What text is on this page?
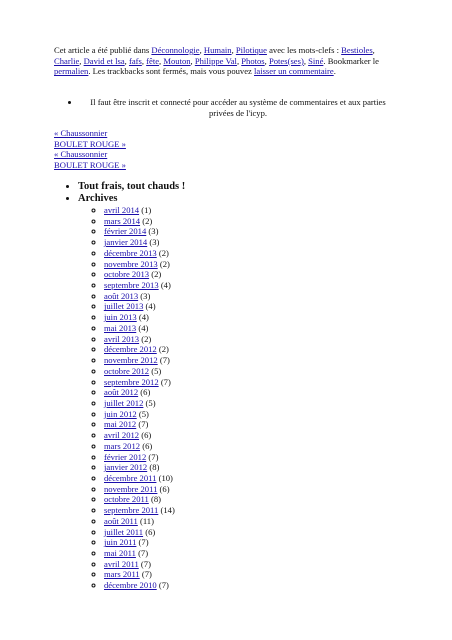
Cet article a été publié dans Déconnologie, Humain, Pilotique avec les mots-clefs : Bestioles, Charlie, David et lsa, fafs, fête, Mouton, Philippe Val, Photos, Potes(ses), Siné. Bookmarker le permalien. Les trackbacks sont fermés, mais vous pouvez laisser un commentaire.
• Il faut être inscrit et connecté pour accéder au système de commentaires et aux parties privées de l'icyp.
« Chaussonnier
BOULET ROUGE »
« Chaussonnier
BOULET ROUGE »
• Tout frais, tout chauds !
• Archives
◦ avril 2014 (1)
◦ mars 2014 (2)
◦ février 2014 (3)
◦ janvier 2014 (3)
◦ décembre 2013 (2)
◦ novembre 2013 (2)
◦ octobre 2013 (2)
◦ septembre 2013 (4)
◦ août 2013 (3)
◦ juillet 2013 (4)
◦ juin 2013 (4)
◦ mai 2013 (4)
◦ avril 2013 (2)
◦ décembre 2012 (2)
◦ novembre 2012 (7)
◦ octobre 2012 (5)
◦ septembre 2012 (7)
◦ août 2012 (6)
◦ juillet 2012 (5)
◦ juin 2012 (5)
◦ mai 2012 (7)
◦ avril 2012 (6)
◦ mars 2012 (6)
◦ février 2012 (7)
◦ janvier 2012 (8)
◦ décembre 2011 (10)
◦ novembre 2011 (6)
◦ octobre 2011 (8)
◦ septembre 2011 (14)
◦ août 2011 (11)
◦ juillet 2011 (6)
◦ juin 2011 (7)
◦ mai 2011 (7)
◦ avril 2011 (7)
◦ mars 2011 (7)
◦ décembre 2010 (7)
